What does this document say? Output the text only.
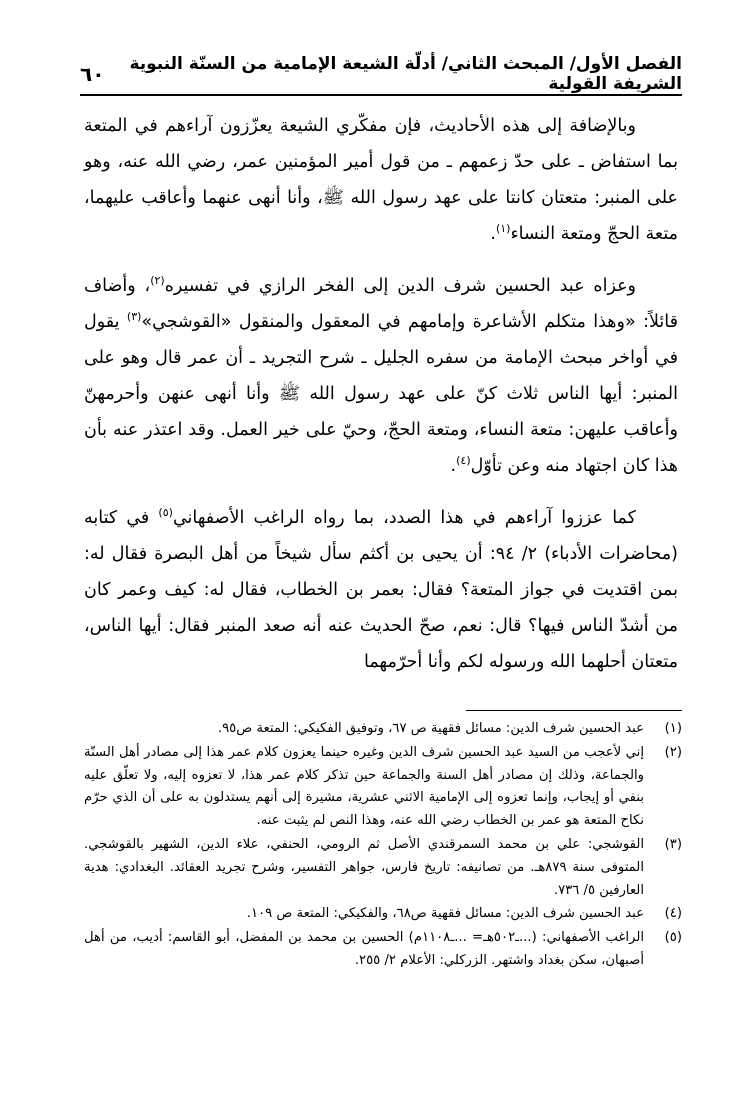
الفصل الأول/ المبحث الثاني/ أدلّة الشيعة الإمامية من السنّة النبوية الشريفة القولية
٦٠

وبالإضافة إلى هذه الأحاديث، فإن مفكّري الشيعة يعزّزون آراءهم في المتعة بما استفاض ـ على حدّ زعمهم ـ من قول أمير المؤمنين عمر، رضي الله عنه، وهو على المنبر: متعتان كانتا على عهد رسول الله ﷺ، وأنا أنهى عنهما وأعاقب عليهما، متعة الحجّ ومتعة النساء$^{(١)}$.

وعزاه عبد الحسين شرف الدين إلى الفخر الرازي في تفسيره$^{(٢)}$، وأضاف قائلاً: «وهذا متكلم الأشاعرة وإمامهم في المعقول والمنقول «القوشجي»$^{(٣)}$ يقول في أواخر مبحث الإمامة من سفره الجليل ـ شرح التجريد ـ أن عمر قال وهو على المنبر: أيها الناس ثلاث كنّ على عهد رسول الله ﷺ وأنا أنهى عنهن وأحرمهنّ وأعاقب عليهن: متعة النساء، ومتعة الحجّ، وحيّ على خير العمل. وقد اعتذر عنه بأن هذا كان اجتهاد منه وعن تأوّل$^{(٤)}$.

كما عززوا آراءهم في هذا الصدد، بما رواه الراغب الأصفهاني$^{(٥)}$ في كتابه (محاضرات الأدباء) ٢/ ٩٤: أن يحيى بن أكثم سأل شيخاً من أهل البصرة فقال له: بمن اقتديت في جواز المتعة؟ فقال: بعمر بن الخطاب، فقال له: كيف وعمر كان من أشدّ الناس فيها؟ قال: نعم، صحّ الحديث عنه أنه صعد المنبر فقال: أيها الناس، متعتان أحلهما الله ورسوله لكم وأنا أحرّمهما

(١)
عبد الحسين شرف الدين: مسائل فقهية ص ٦٧، وتوفيق الفكيكي: المتعة ص٩٥.
(٢)
إني لأعجب من السيد عبد الحسين شرف الدين وغيره حينما يعزون كلام عمر هذا إلى مصادر أهل السنّة والجماعة، وذلك إن مصادر أهل السنة والجماعة حين تذكر كلام عمر هذا، لا تعزوه إليه، ولا تعلّق عليه بنفي أو إيجاب، وإنما تعزوه إلى الإمامية الاثني عشرية، مشيرة إلى أنهم يستدلون به على أن الذي حرّم نكاح المتعة هو عمر بن الخطاب رضي الله عنه، وهذا النص لم يثبت عنه.
(٣)
القوشجي: علي بن محمد السمرقندي الأصل ثم الرومي، الحنفي، علاء الدين، الشهير بالقوشجي. المتوفى سنة ٨٧٩هـ. من تصانيفه: تاريخ فارس، جواهر التفسير، وشرح تجريد العقائد. البغدادي: هدية العارفين ٥/ ٧٣٦.
(٤)
عبد الحسين شرف الدين: مسائل فقهية ص٦٨، والفكيكي: المتعة ص ١٠٩.
(٥)
الراغب الأصفهاني: (...ـ٥٠٢هـ= ...ـ١١٠٨م) الحسين بن محمد بن المفضل، أبو القاسم: أديب، من أهل أصبهان، سكن بغداد واشتهر. الزركلي: الأعلام ٢/ ٢٥٥.
